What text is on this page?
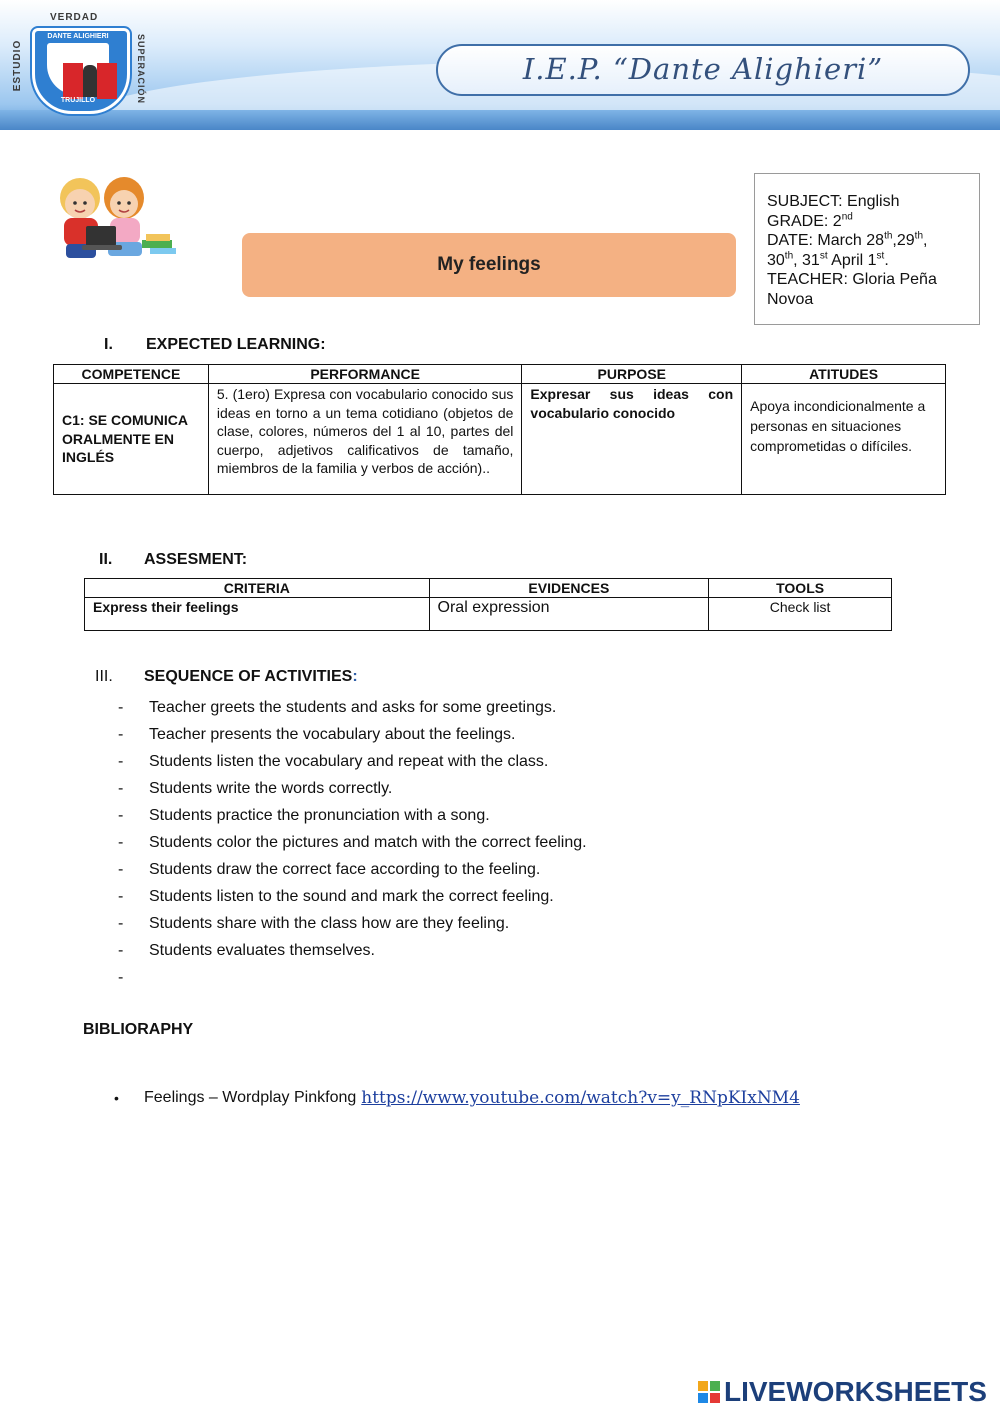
VERDAD
ESTUDIO	SUPERACIÓN
DANTE ALIGHIERI
TRUJILLO
I.E.P. “Dante Alighieri”
My feelings
SUBJECT: English
GRADE: 2nd
DATE: March 28th,29th,
30th, 31st April 1st.
TEACHER: Gloria Peña
Novoa
I. EXPECTED LEARNING:
COMPETENCE	PERFORMANCE	PURPOSE	ATITUDES
C1: SE COMUNICA ORALMENTE EN INGLÉS	5. (1ero) Expresa con vocabulario conocido sus ideas en torno a un tema cotidiano (objetos de clase, colores, números del 1 al 10, partes del cuerpo, adjetivos calificativos de tamaño, miembros de la familia y verbos de acción)..	Expresar sus ideas con vocabulario conocido	Apoya incondicionalmente a personas en situaciones comprometidas o difíciles.
II. ASSESMENT:
CRITERIA	EVIDENCES	TOOLS
Express their feelings	Oral expression	Check list
III. SEQUENCE OF ACTIVITIES:
-	Teacher greets the students and asks for some greetings.
-	Teacher presents the vocabulary about the feelings.
-	Students listen the vocabulary and repeat with the class.
-	Students write the words correctly.
-	Students practice the pronunciation with a song.
-	Students color the pictures and match with the correct feeling.
-	Students draw the correct face according to the feeling.
-	Students listen to the sound and mark the correct feeling.
-	Students share with the class how are they feeling.
-	Students evaluates themselves.
-
BIBLIORAPHY
•	Feelings – Wordplay Pinkfong https://www.youtube.com/watch?v=y_RNpKIxNM4
LIVEWORKSHEETS
